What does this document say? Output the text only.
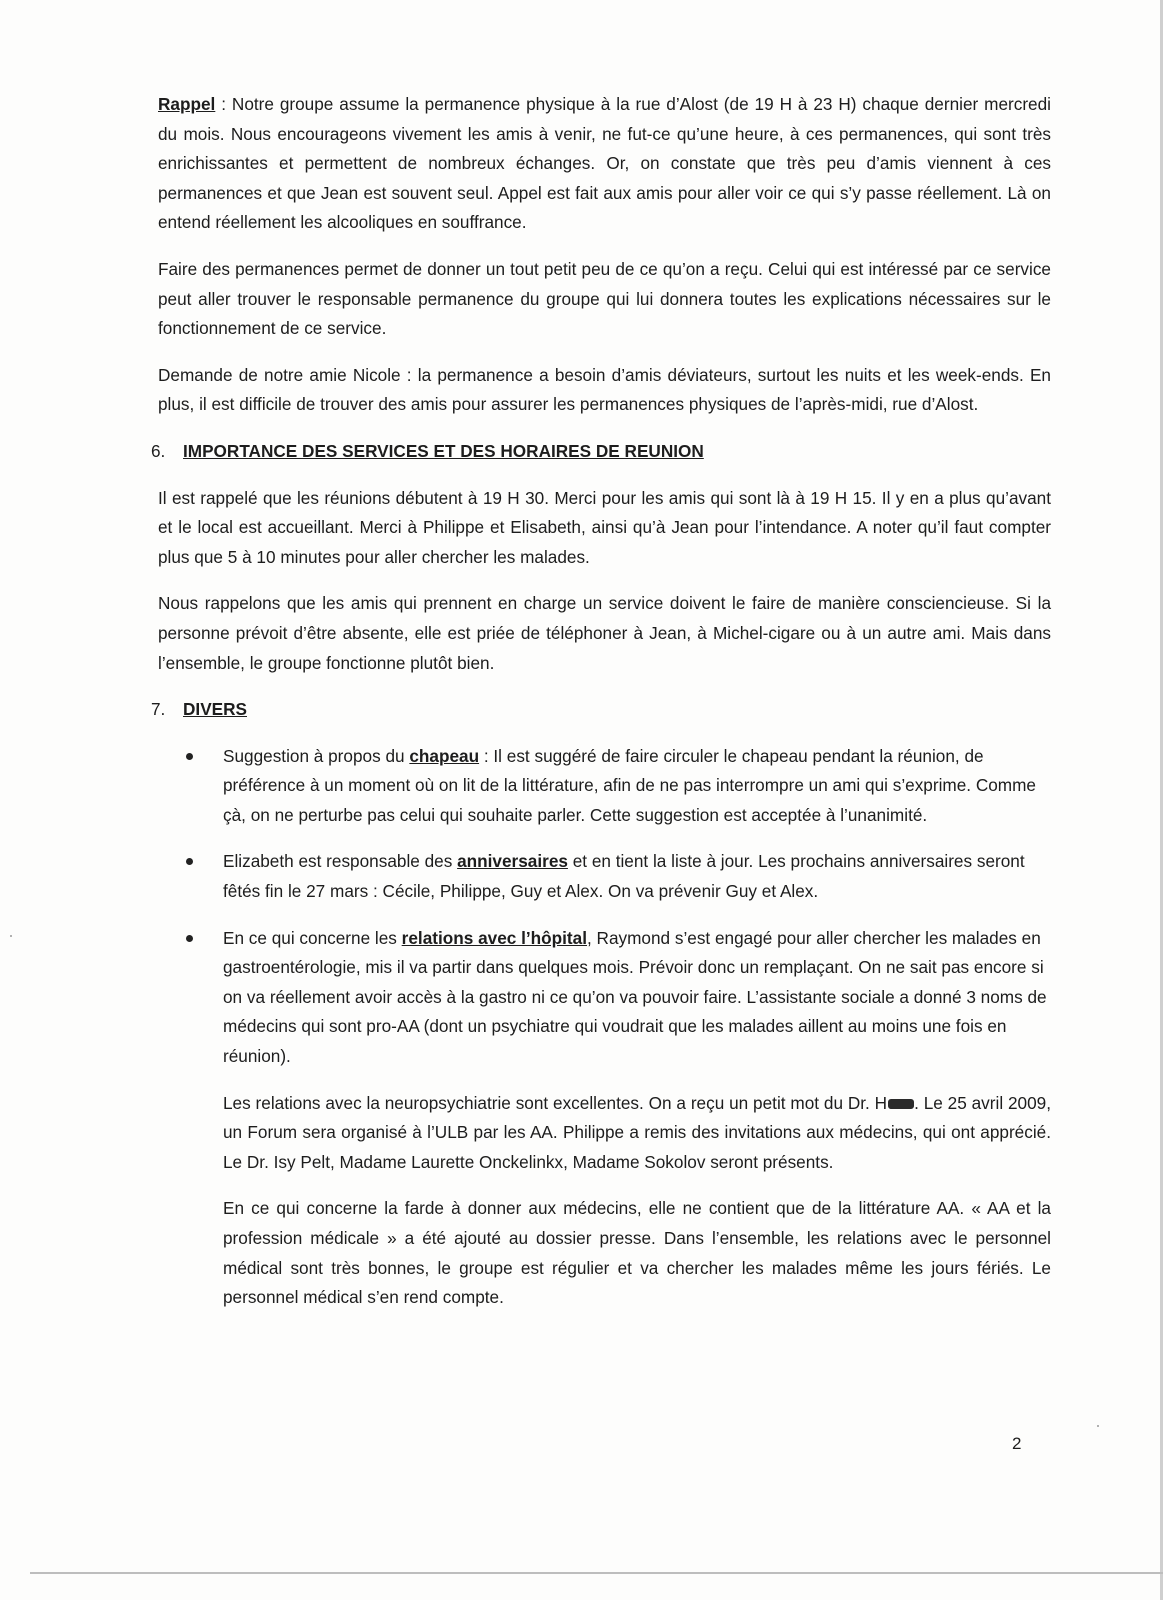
Rappel : Notre groupe assume la permanence physique à la rue d’Alost (de 19 H à 23 H) chaque dernier mercredi du mois. Nous encourageons vivement les amis à venir, ne fut-ce qu’une heure, à ces permanences, qui sont très enrichissantes et permettent de nombreux échanges. Or, on constate que très peu d’amis viennent à ces permanences et que Jean est souvent seul. Appel est fait aux amis pour aller voir ce qui s’y passe réellement. Là on entend réellement les alcooliques en souffrance.

Faire des permanences permet de donner un tout petit peu de ce qu’on a reçu. Celui qui est intéressé par ce service peut aller trouver le responsable permanence du groupe qui lui donnera toutes les explications nécessaires sur le fonctionnement de ce service.

Demande de notre amie Nicole : la permanence a besoin d’amis déviateurs, surtout les nuits et les week-ends. En plus, il est difficile de trouver des amis pour assurer les permanences physiques de l’après-midi, rue d’Alost.

6. IMPORTANCE DES SERVICES ET DES HORAIRES DE REUNION

Il est rappelé que les réunions débutent à 19 H 30. Merci pour les amis qui sont là à 19 H 15. Il y en a plus qu’avant et le local est accueillant. Merci à Philippe et Elisabeth, ainsi qu’à Jean pour l’intendance. A noter qu’il faut compter plus que 5 à 10 minutes pour aller chercher les malades.

Nous rappelons que les amis qui prennent en charge un service doivent le faire de manière consciencieuse. Si la personne prévoit d’être absente, elle est priée de téléphoner à Jean, à Michel-cigare ou à un autre ami. Mais dans l’ensemble, le groupe fonctionne plutôt bien.

7. DIVERS
Suggestion à propos du chapeau : Il est suggéré de faire circuler le chapeau pendant la réunion, de préférence à un moment où on lit de la littérature, afin de ne pas interrompre un ami qui s’exprime. Comme çà, on ne perturbe pas celui qui souhaite parler. Cette suggestion est acceptée à l’unanimité.
Elizabeth est responsable des anniversaires et en tient la liste à jour. Les prochains anniversaires seront fêtés fin le 27 mars : Cécile, Philippe, Guy et Alex. On va prévenir Guy et Alex.
En ce qui concerne les relations avec l’hôpital, Raymond s’est engagé pour aller chercher les malades en gastroentérologie, mis il va partir dans quelques mois. Prévoir donc un remplaçant. On ne sait pas encore si on va réellement avoir accès à la gastro ni ce qu’on va pouvoir faire. L’assistante sociale a donné 3 noms de médecins qui sont pro-AA (dont un psychiatre qui voudrait que les malades aillent au moins une fois en réunion).
Les relations avec la neuropsychiatrie sont excellentes. On a reçu un petit mot du Dr. H . Le 25 avril 2009, un Forum sera organisé à l’ULB par les AA. Philippe a remis des invitations aux médecins, qui ont apprécié. Le Dr. Isy Pelt, Madame Laurette Onckelinkx, Madame Sokolov seront présents.
En ce qui concerne la farde à donner aux médecins, elle ne contient que de la littérature AA. « AA et la profession médicale » a été ajouté au dossier presse. Dans l’ensemble, les relations avec le personnel médical sont très bonnes, le groupe est régulier et va chercher les malades même les jours fériés. Le personnel médical s’en rend compte.
2
